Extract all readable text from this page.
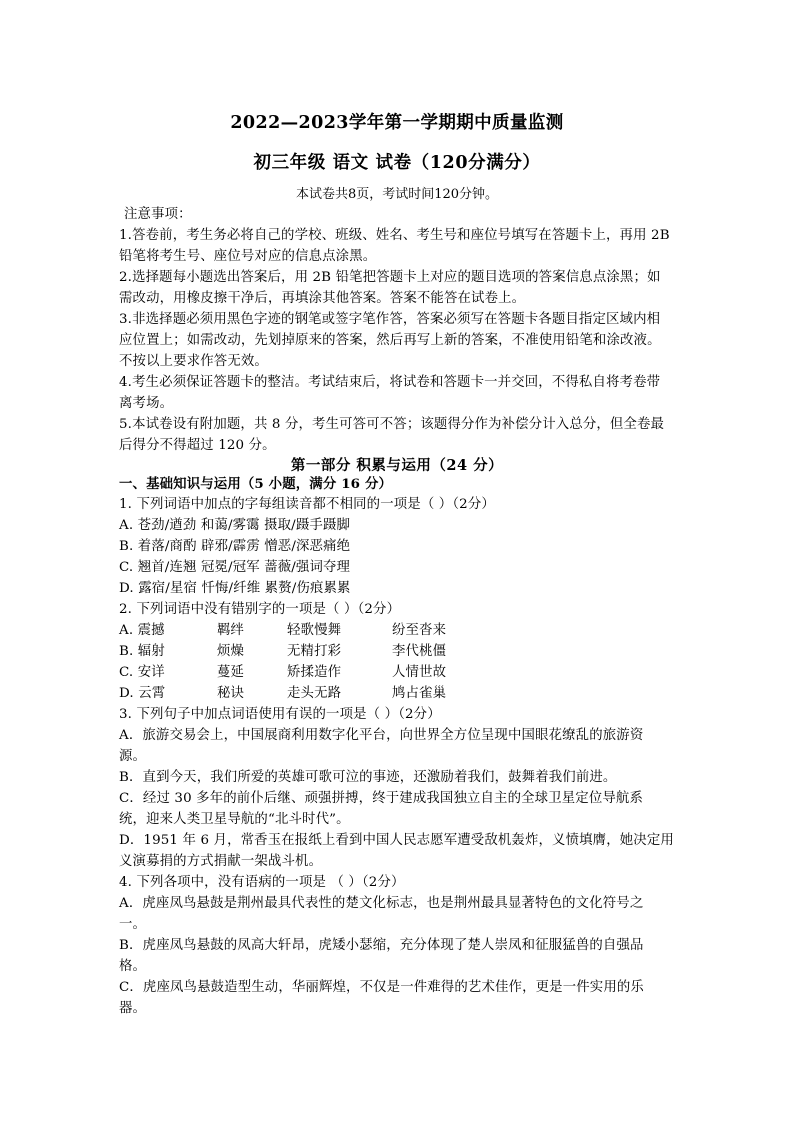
2022—2023学年第一学期期中质量监测
初三年级 语文 试卷（120分满分）
本试卷共8页，考试时间120分钟。
注意事项：
1.答卷前，考生务必将自己的学校、班级、姓名、考生号和座位号填写在答题卡上，再用 2B
铅笔将考生号、座位号对应的信息点涂黑。
2.选择题每小题选出答案后，用 2B 铅笔把答题卡上对应的题目选项的答案信息点涂黑；如
需改动，用橡皮擦干净后，再填涂其他答案。答案不能答在试卷上。
3.非选择题必须用黑色字迹的钢笔或签字笔作答，答案必须写在答题卡各题目指定区域内相
应位置上；如需改动，先划掉原来的答案，然后再写上新的答案，不准使用铅笔和涂改液。
不按以上要求作答无效。
4.考生必须保证答题卡的整洁。考试结束后，将试卷和答题卡一并交回，不得私自将考卷带
离考场。
5.本试卷设有附加题，共 8 分，考生可答可不答；该题得分作为补偿分计入总分，但全卷最
后得分不得超过 120 分。
第一部分 积累与运用（24 分）
一、基础知识与运用（5 小题，满分 16 分）
1. 下列词语中加点的字每组读音都不相同的一项是（ ）（2分）
A. 苍劲/遒劲 和蔼/雾霭 摄取/蹑手蹑脚
B. 着落/商酌 辟邪/霹雳 憎恶/深恶痛绝
C. 翘首/连翘 冠冕/冠军 蔷薇/强词夺理
D. 露宿/星宿 忏悔/纤维 累赘/伤痕累累
2. 下列词语中没有错别字的一项是（ ）（2分）
A. 震撼	羁绊	轻歌慢舞	纷至沓来
B. 辐射	烦燥	无精打彩	李代桃僵
C. 安详	蔓延	矫揉造作	人情世故
D. 云霄	秘诀	走头无路	鸠占雀巢
3. 下列句子中加点词语使用有误的一项是（ ）（2分）
A．旅游交易会上，中国展商利用数字化平台，向世界全方位呈现中国眼花缭乱的旅游资
源。
B．直到今天，我们所爱的英雄可歌可泣的事迹，还激励着我们，鼓舞着我们前进。
C．经过 30 多年的前仆后继、顽强拼搏，终于建成我国独立自主的全球卫星定位导航系
统，迎来人类卫星导航的“北斗时代”。
D．1951 年 6 月，常香玉在报纸上看到中国人民志愿军遭受敌机轰炸，义愤填膺，她决定用
义演募捐的方式捐献一架战斗机。
4. 下列各项中，没有语病的一项是 （ ）（2分）
A．虎座凤鸟悬鼓是荆州最具代表性的楚文化标志，也是荆州最具显著特色的文化符号之
一。
B．虎座凤鸟悬鼓的凤高大轩昂，虎矮小瑟缩，充分体现了楚人崇凤和征服猛兽的自强品
格。
C．虎座凤鸟悬鼓造型生动，华丽辉煌，不仅是一件难得的艺术佳作，更是一件实用的乐
器。
